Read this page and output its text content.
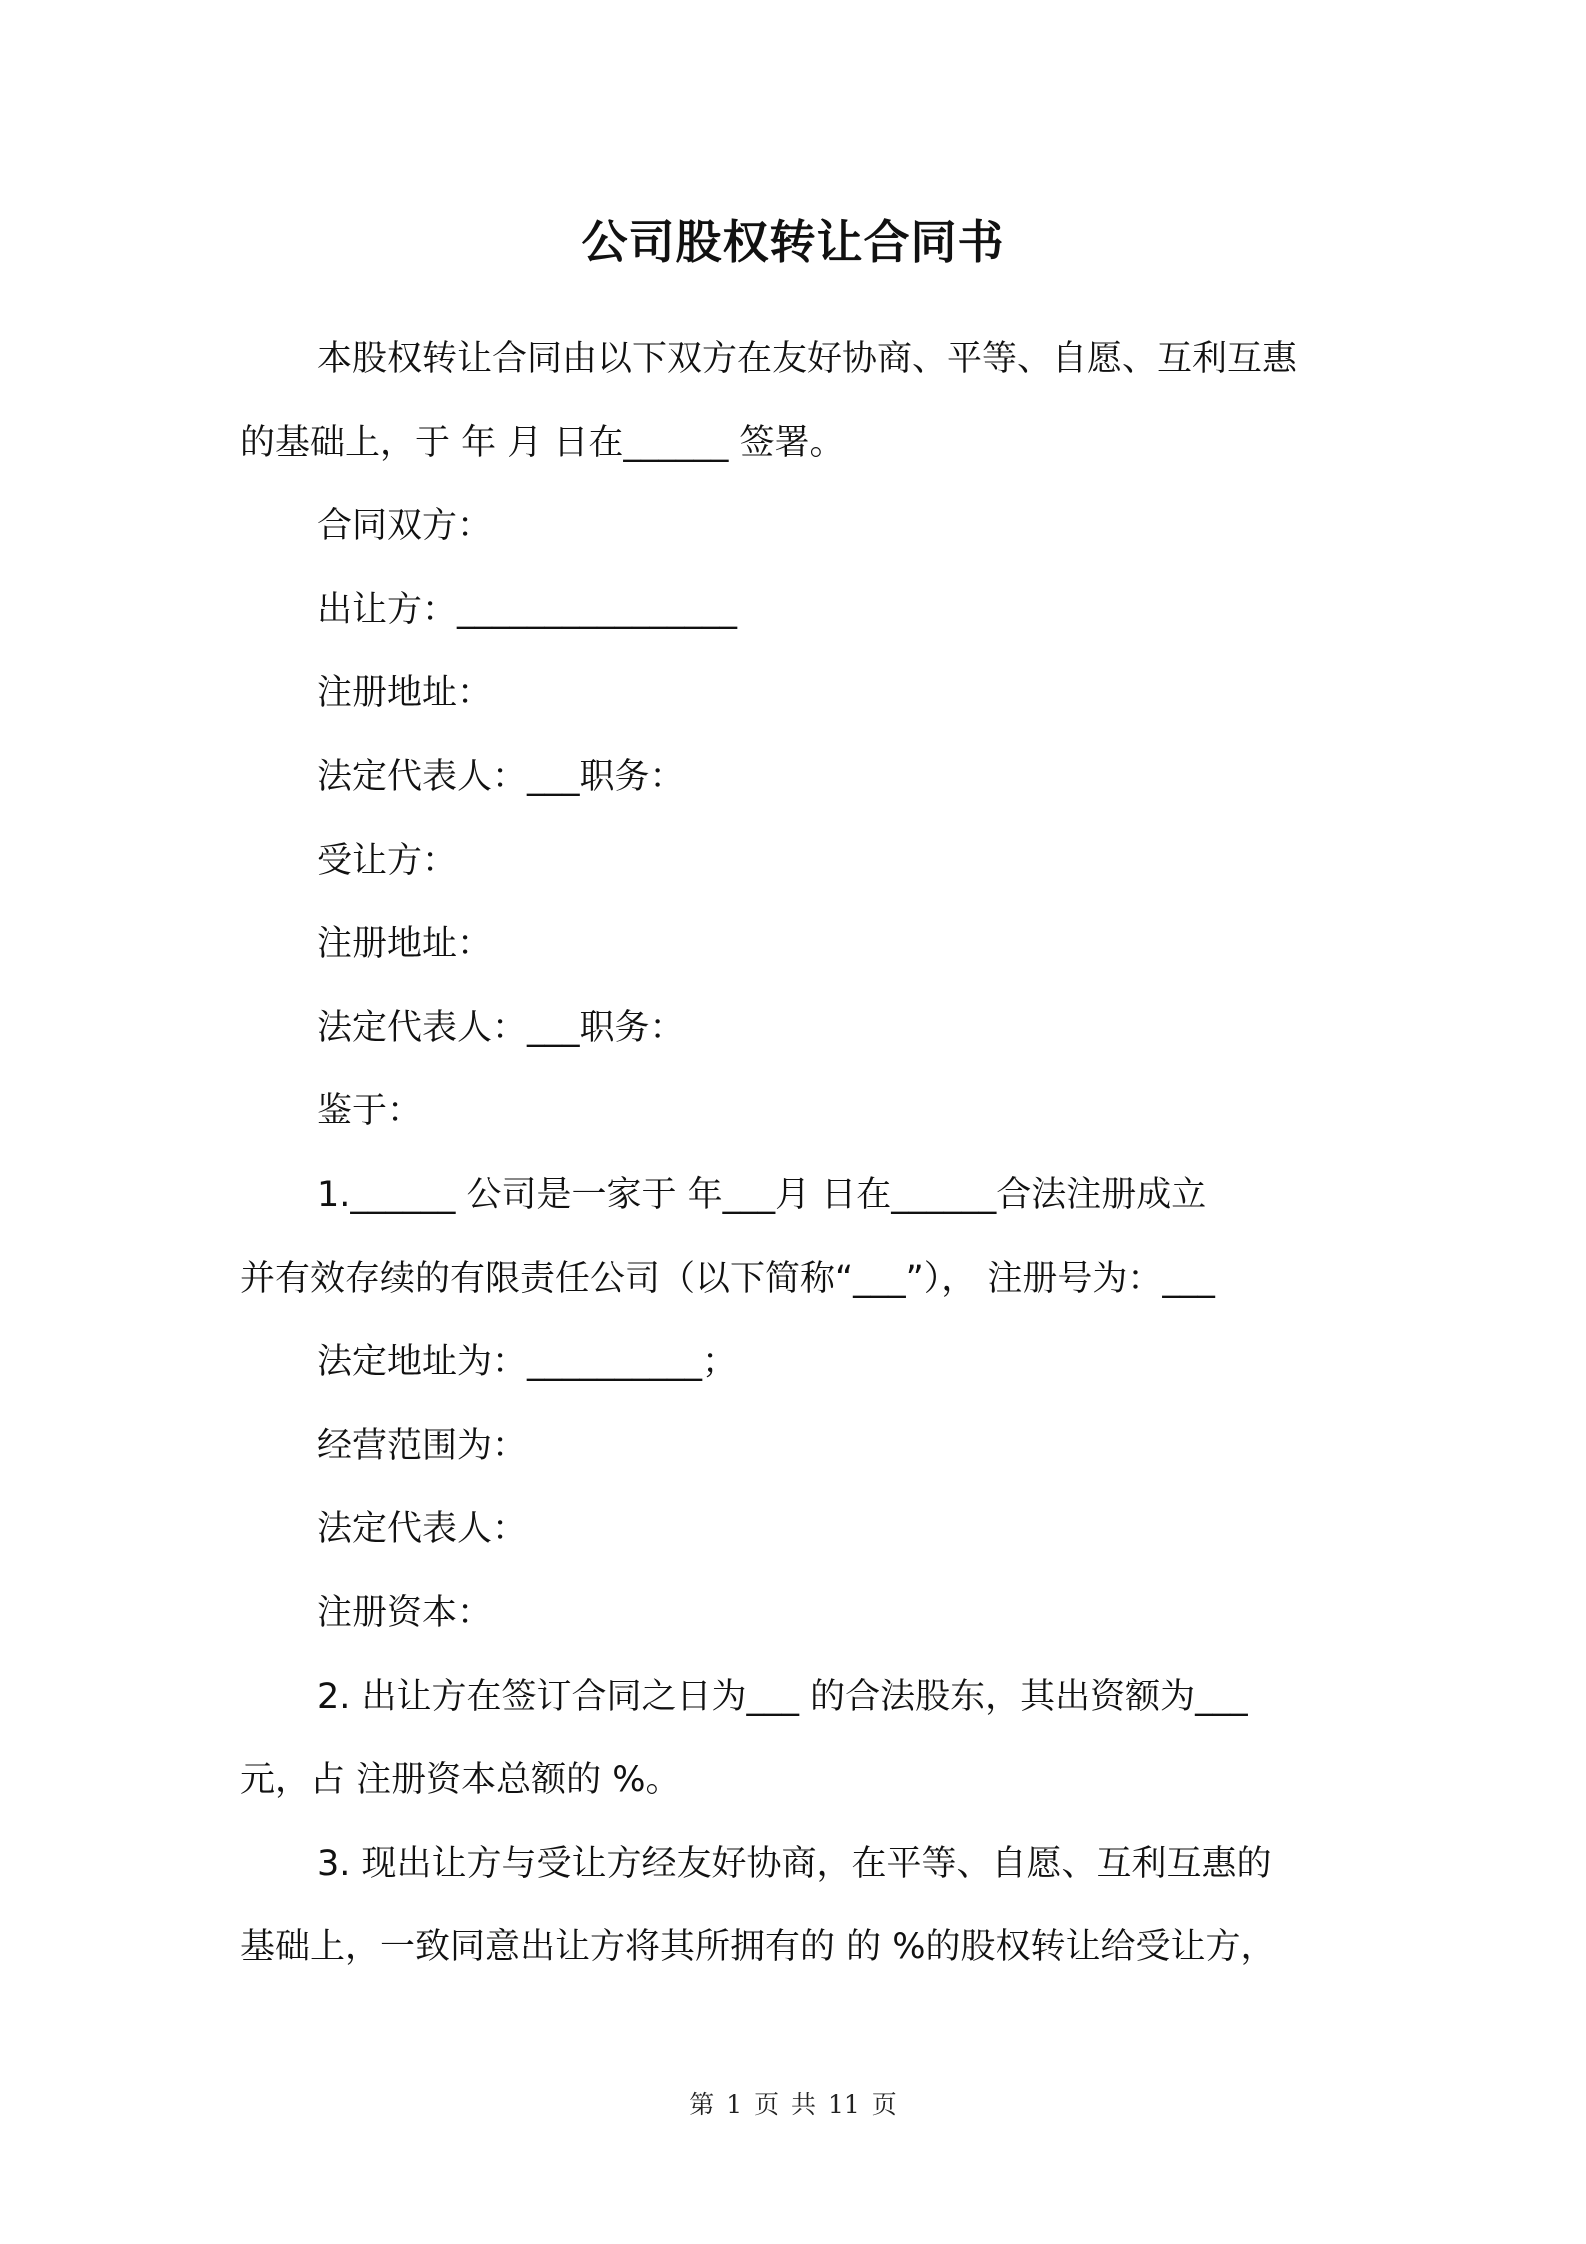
公司股权转让合同书
本股权转让合同由以下双方在友好协商、平等、自愿、互利互惠
的基础上，于 年 月 日在______ 签署。
合同双方：
出让方：________________
注册地址：
法定代表人：___职务：
受让方：
注册地址：
法定代表人：___职务：
鉴于：
1.______ 公司是一家于 年___月 日在______合法注册成立
并有效存续的有限责任公司（以下简称“___”）， 注册号为：___
法定地址为：__________；
经营范围为：
法定代表人：
注册资本：
2. 出让方在签订合同之日为___ 的合法股东，其出资额为___
元，占 注册资本总额的 %。
3. 现出让方与受让方经友好协商，在平等、自愿、互利互惠的
基础上，一致同意出让方将其所拥有的 的 %的股权转让给受让方，
第 1 页 共 11 页
